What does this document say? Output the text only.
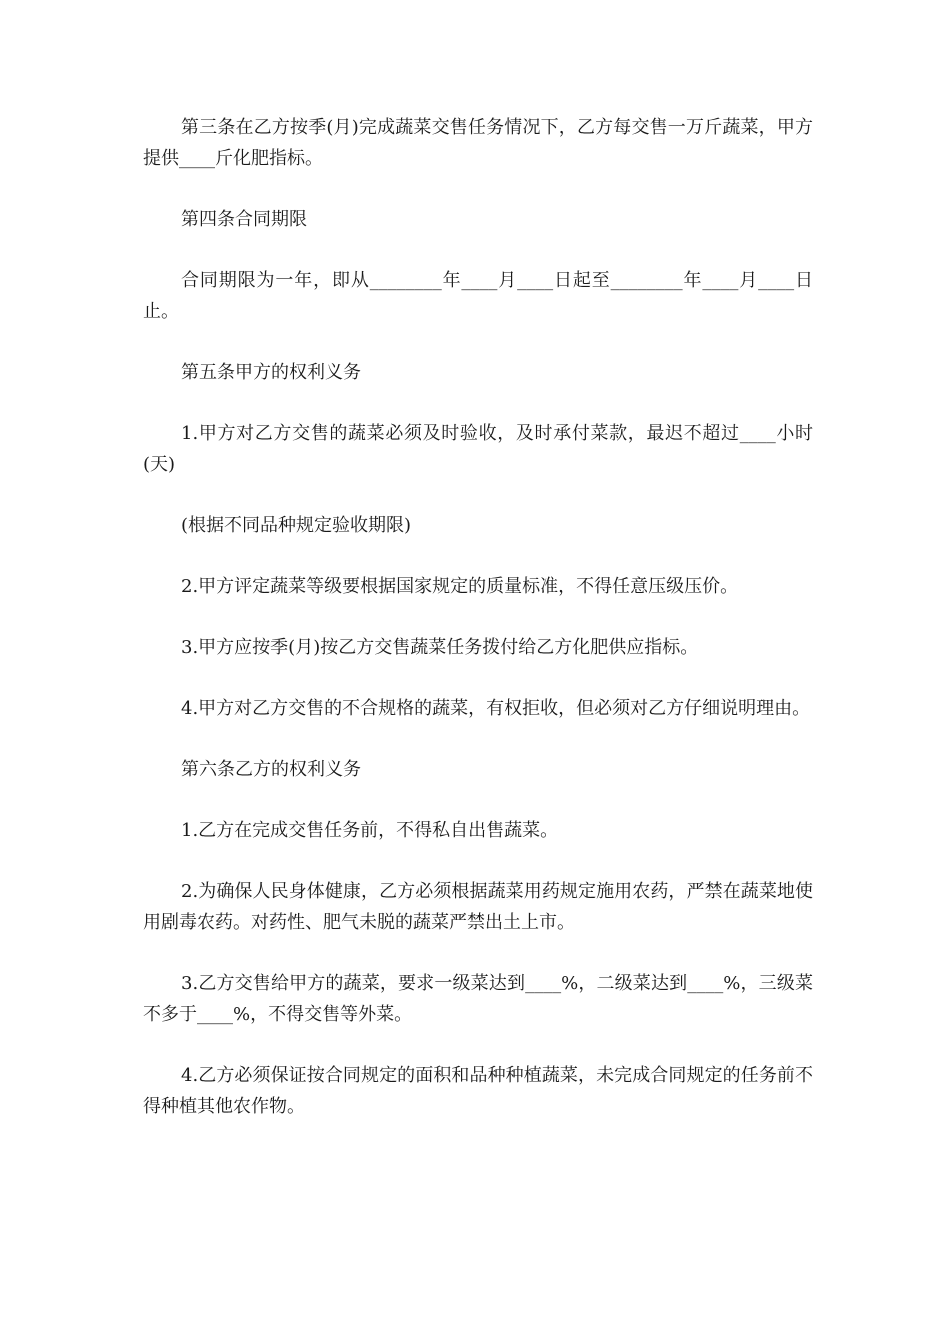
第三条在乙方按季(月)完成蔬菜交售任务情况下，乙方每交售一万斤蔬菜，甲方提供____斤化肥指标。

第四条合同期限

合同期限为一年，即从________年____月____日起至________年____月____日止。

第五条甲方的权利义务

1.甲方对乙方交售的蔬菜必须及时验收，及时承付菜款，最迟不超过____小时(天)

(根据不同品种规定验收期限)

2.甲方评定蔬菜等级要根据国家规定的质量标准，不得任意压级压价。

3.甲方应按季(月)按乙方交售蔬菜任务拨付给乙方化肥供应指标。

4.甲方对乙方交售的不合规格的蔬菜，有权拒收，但必须对乙方仔细说明理由。

第六条乙方的权利义务

1.乙方在完成交售任务前，不得私自出售蔬菜。

2.为确保人民身体健康，乙方必须根据蔬菜用药规定施用农药，严禁在蔬菜地使用剧毒农药。对药性、肥气未脱的蔬菜严禁出土上市。

3.乙方交售给甲方的蔬菜，要求一级菜达到____%，二级菜达到____%，三级菜不多于____%，不得交售等外菜。

4.乙方必须保证按合同规定的面积和品种种植蔬菜，未完成合同规定的任务前不得种植其他农作物。
